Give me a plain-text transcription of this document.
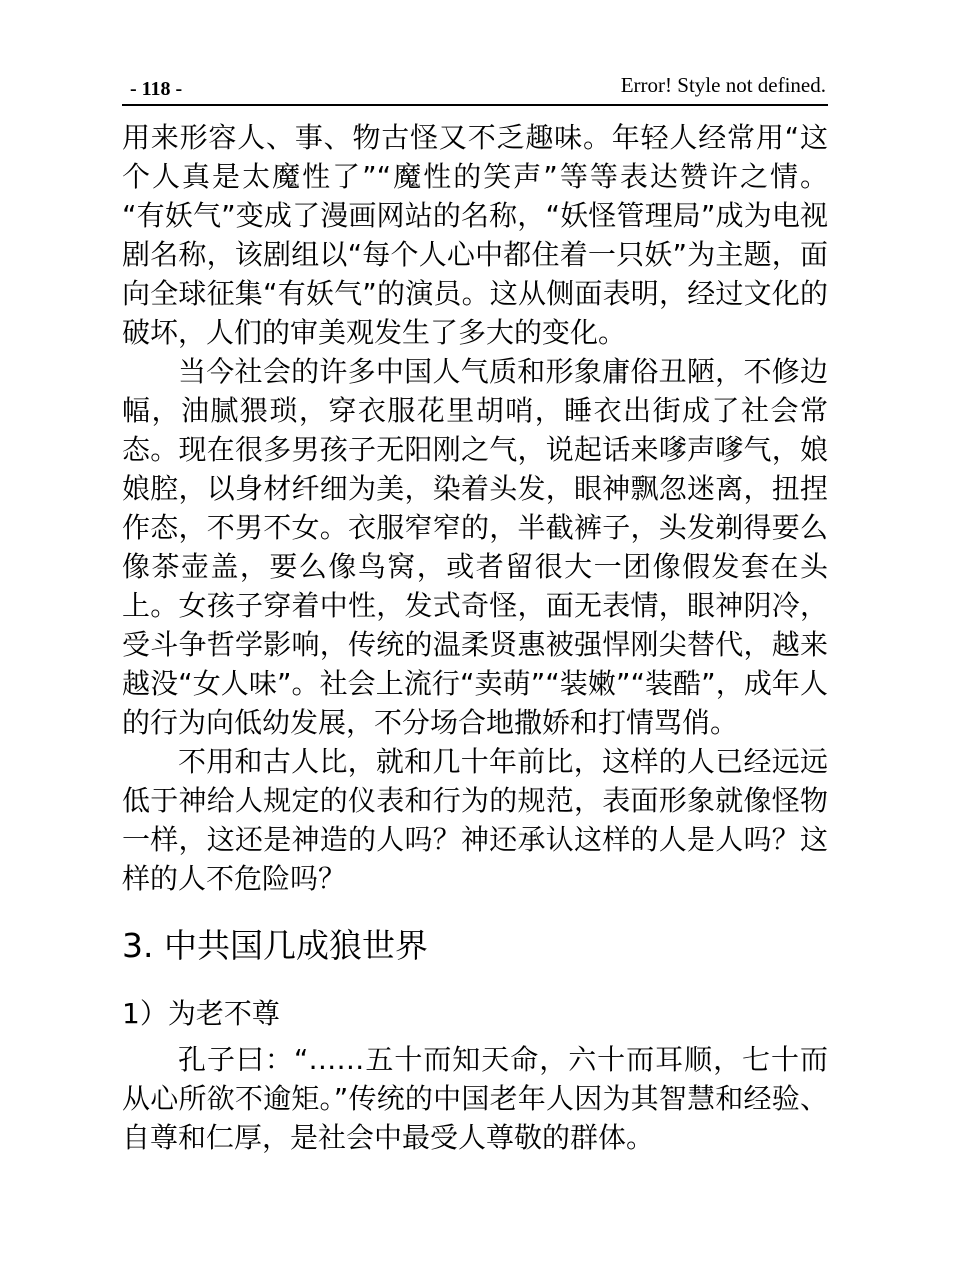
- 118 -	Error! Style not defined.

用来形容人、事、物古怪又不乏趣味。年轻人经常用“这个人真是太魔性了”“魔性的笑声”等等表达赞许之情。 “有妖气”变成了漫画网站的名称，“妖怪管理局”成为电视剧名称，该剧组以“每个人心中都住着一只妖”为主题，面向全球征集“有妖气”的演员。这从侧面表明，经过文化的破坏，人们的审美观发生了多大的变化。

当今社会的许多中国人气质和形象庸俗丑陋，不修边幅，油腻猥琐，穿衣服花里胡哨，睡衣出街成了社会常态。现在很多男孩子无阳刚之气，说起话来嗲声嗲气，娘娘腔，以身材纤细为美，染着头发，眼神飘忽迷离，扭捏作态，不男不女。衣服窄窄的，半截裤子，头发剃得要么像茶壶盖，要么像鸟窝，或者留很大一团像假发套在头上。女孩子穿着中性，发式奇怪，面无表情，眼神阴冷，受斗争哲学影响，传统的温柔贤惠被强悍刚尖替代，越来越没“女人味”。社会上流行“卖萌”“装嫩”“装酷”，成年人的行为向低幼发展，不分场合地撒娇和打情骂俏。

不用和古人比，就和几十年前比，这样的人已经远远低于神给人规定的仪表和行为的规范，表面形象就像怪物一样，这还是神造的人吗？神还承认这样的人是人吗？这样的人不危险吗？

3. 中共国几成狼世界
1）为老不尊

孔子曰：“……五十而知天命，六十而耳顺，七十而从心所欲不逾矩。”传统的中国老年人因为其智慧和经验、自尊和仁厚，是社会中最受人尊敬的群体。
